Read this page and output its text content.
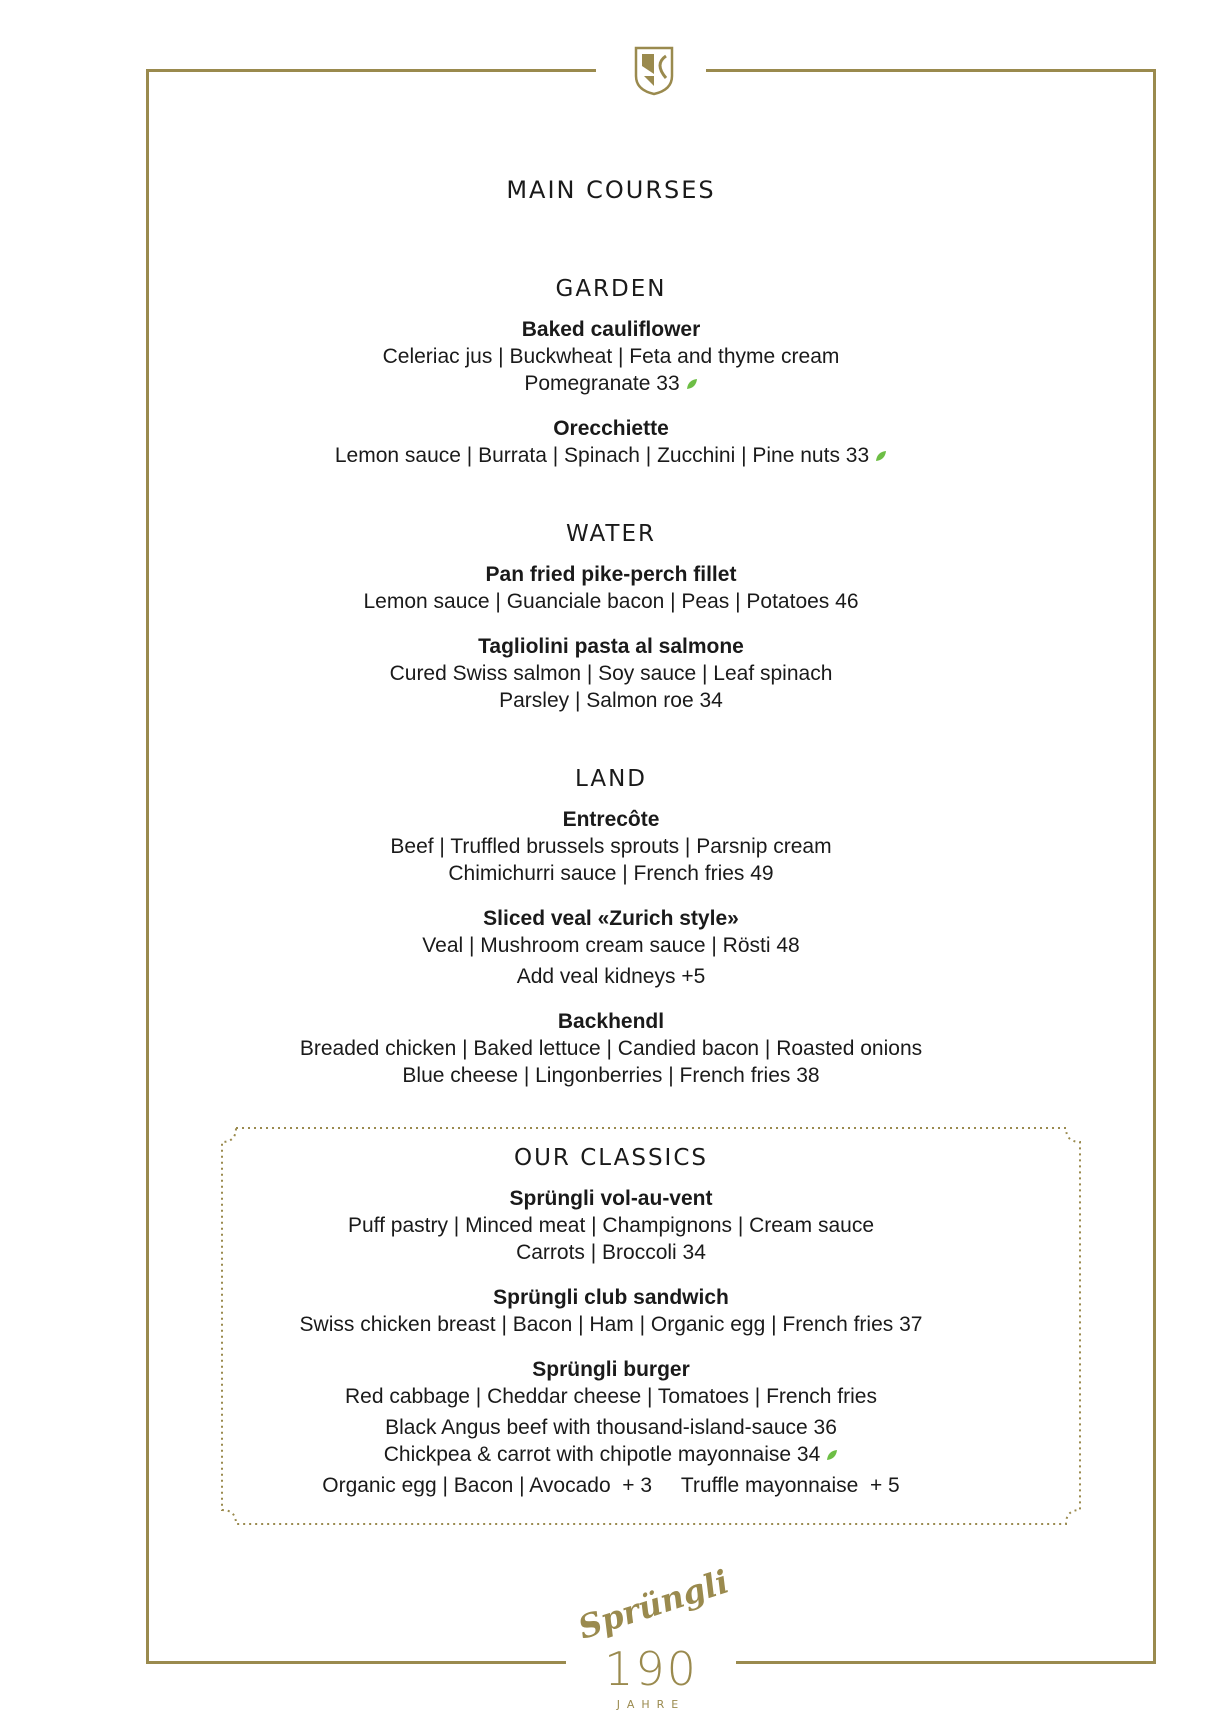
MAIN COURSES
GARDEN
Baked cauliflower
Celeriac jus | Buckwheat | Feta and thyme cream
Pomegranate 33
Orecchiette
Lemon sauce | Burrata | Spinach | Zucchini | Pine nuts 33
WATER
Pan fried pike-perch fillet
Lemon sauce | Guanciale bacon | Peas | Potatoes 46
Tagliolini pasta al salmone
Cured Swiss salmon | Soy sauce | Leaf spinach
Parsley | Salmon roe 34
LAND
Entrecôte
Beef | Truffled brussels sprouts | Parsnip cream
Chimichurri sauce | French fries 49
Sliced veal «Zurich style»
Veal | Mushroom cream sauce | Rösti 48
Add veal kidneys +5
Backhendl
Breaded chicken | Baked lettuce | Candied bacon | Roasted onions
Blue cheese | Lingonberries | French fries 38
OUR CLASSICS
Sprüngli vol-au-vent
Puff pastry | Minced meat | Champignons | Cream sauce
Carrots | Broccoli 34
Sprüngli club sandwich
Swiss chicken breast | Bacon | Ham | Organic egg | French fries 37
Sprüngli burger
Red cabbage | Cheddar cheese | Tomatoes | French fries
Black Angus beef with thousand-island-sauce 36
Chickpea & carrot with chipotle mayonnaise 34
Organic egg | Bacon | Avocado  + 3     Truffle mayonnaise  + 5
Sprüngli
190
JAHRE
